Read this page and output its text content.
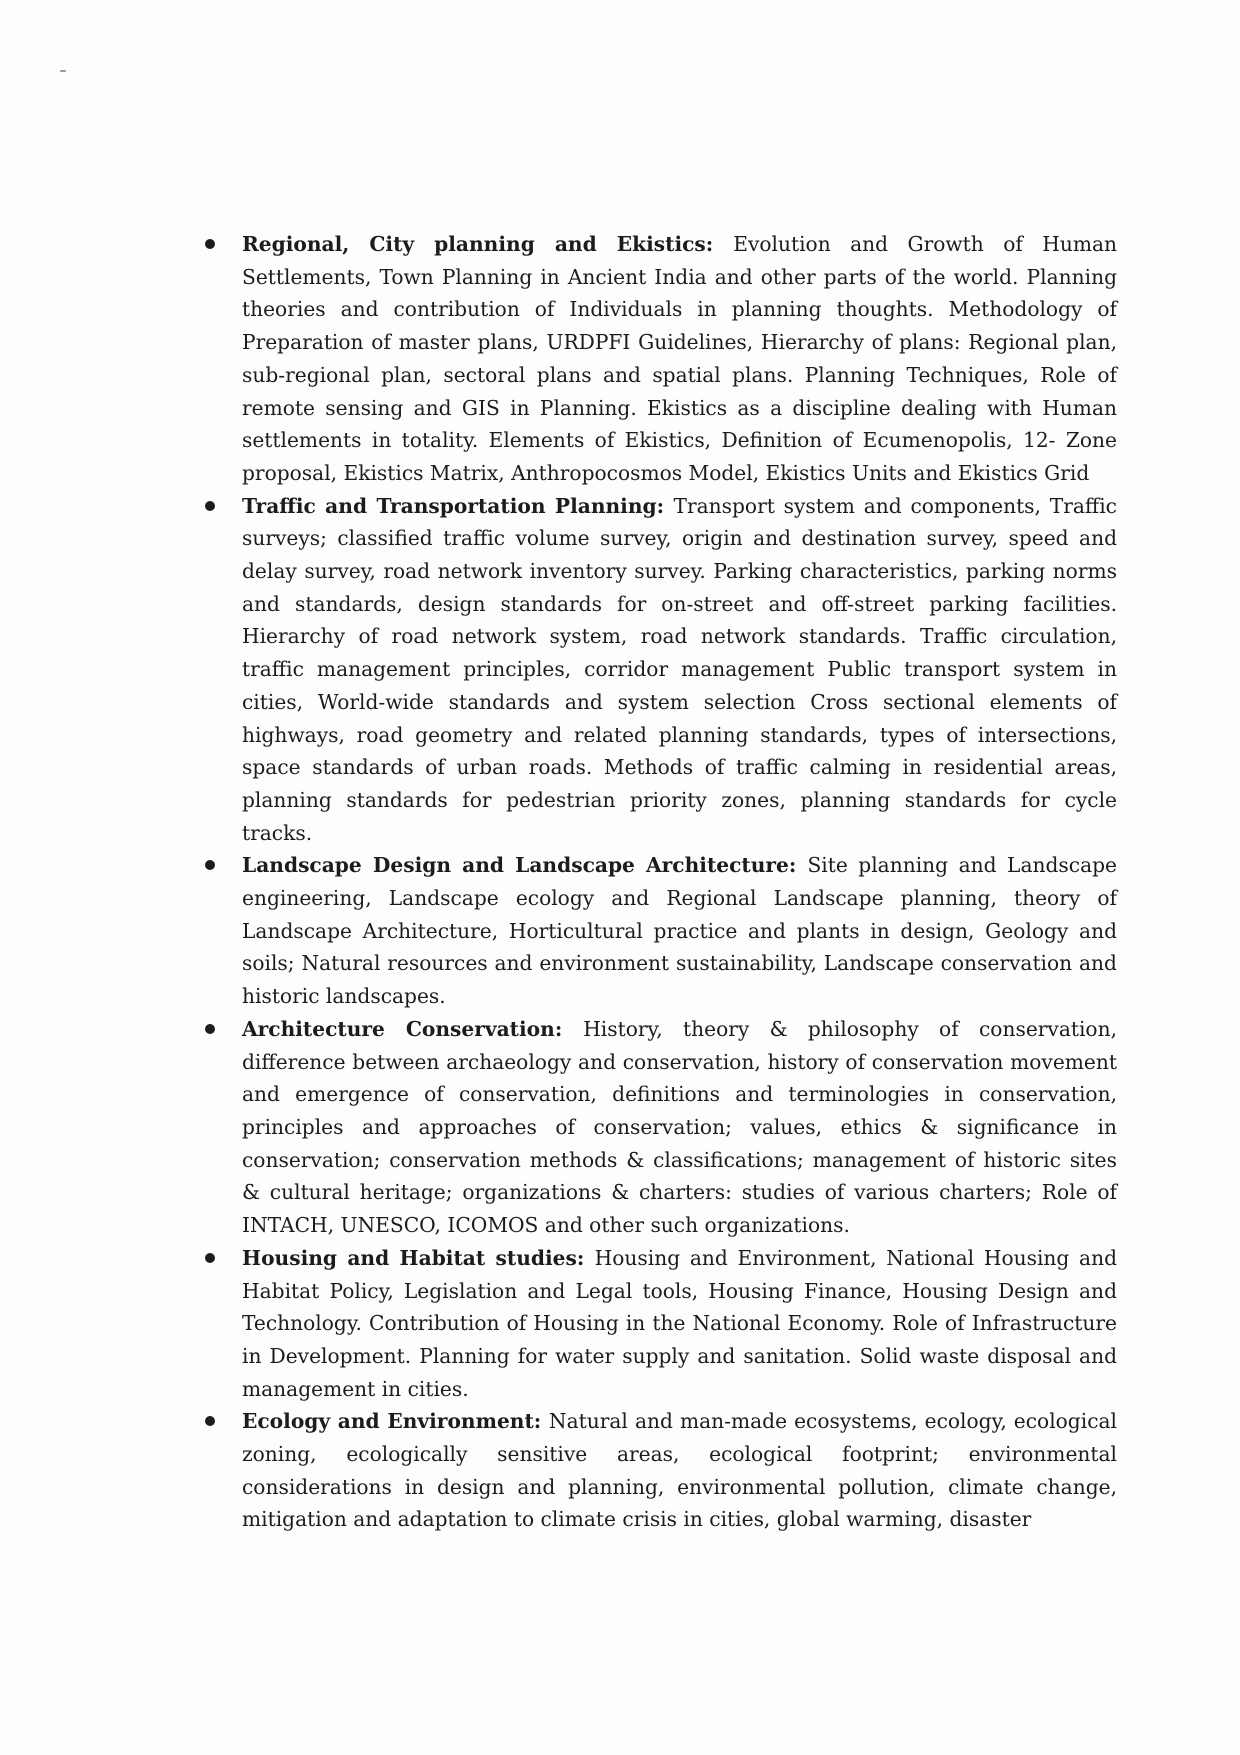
Regional, City planning and Ekistics: Evolution and Growth of Human Settlements, Town Planning in Ancient India and other parts of the world. Planning theories and contribution of Individuals in planning thoughts. Methodology of Preparation of master plans, URDPFI Guidelines, Hierarchy of plans: Regional plan, sub-regional plan, sectoral plans and spatial plans. Planning Techniques, Role of remote sensing and GIS in Planning. Ekistics as a discipline dealing with Human settlements in totality. Elements of Ekistics, Definition of Ecumenopolis, 12- Zone proposal, Ekistics Matrix, Anthropocosmos Model, Ekistics Units and Ekistics Grid
Traffic and Transportation Planning: Transport system and components, Traffic surveys; classified traffic volume survey, origin and destination survey, speed and delay survey, road network inventory survey. Parking characteristics, parking norms and standards, design standards for on-street and off-street parking facilities. Hierarchy of road network system, road network standards. Traffic circulation, traffic management principles, corridor management Public transport system in cities, World-wide standards and system selection Cross sectional elements of highways, road geometry and related planning standards, types of intersections, space standards of urban roads. Methods of traffic calming in residential areas, planning standards for pedestrian priority zones, planning standards for cycle tracks.
Landscape Design and Landscape Architecture: Site planning and Landscape engineering, Landscape ecology and Regional Landscape planning, theory of Landscape Architecture, Horticultural practice and plants in design, Geology and soils; Natural resources and environment sustainability, Landscape conservation and historic landscapes.
Architecture Conservation: History, theory & philosophy of conservation, difference between archaeology and conservation, history of conservation movement and emergence of conservation, definitions and terminologies in conservation, principles and approaches of conservation; values, ethics & significance in conservation; conservation methods & classifications; management of historic sites & cultural heritage; organizations & charters: studies of various charters; Role of INTACH, UNESCO, ICOMOS and other such organizations.
Housing and Habitat studies: Housing and Environment, National Housing and Habitat Policy, Legislation and Legal tools, Housing Finance, Housing Design and Technology. Contribution of Housing in the National Economy. Role of Infrastructure in Development. Planning for water supply and sanitation. Solid waste disposal and management in cities.
Ecology and Environment: Natural and man-made ecosystems, ecology, ecological zoning, ecologically sensitive areas, ecological footprint; environmental considerations in design and planning, environmental pollution, climate change, mitigation and adaptation to climate crisis in cities, global warming, disaster
